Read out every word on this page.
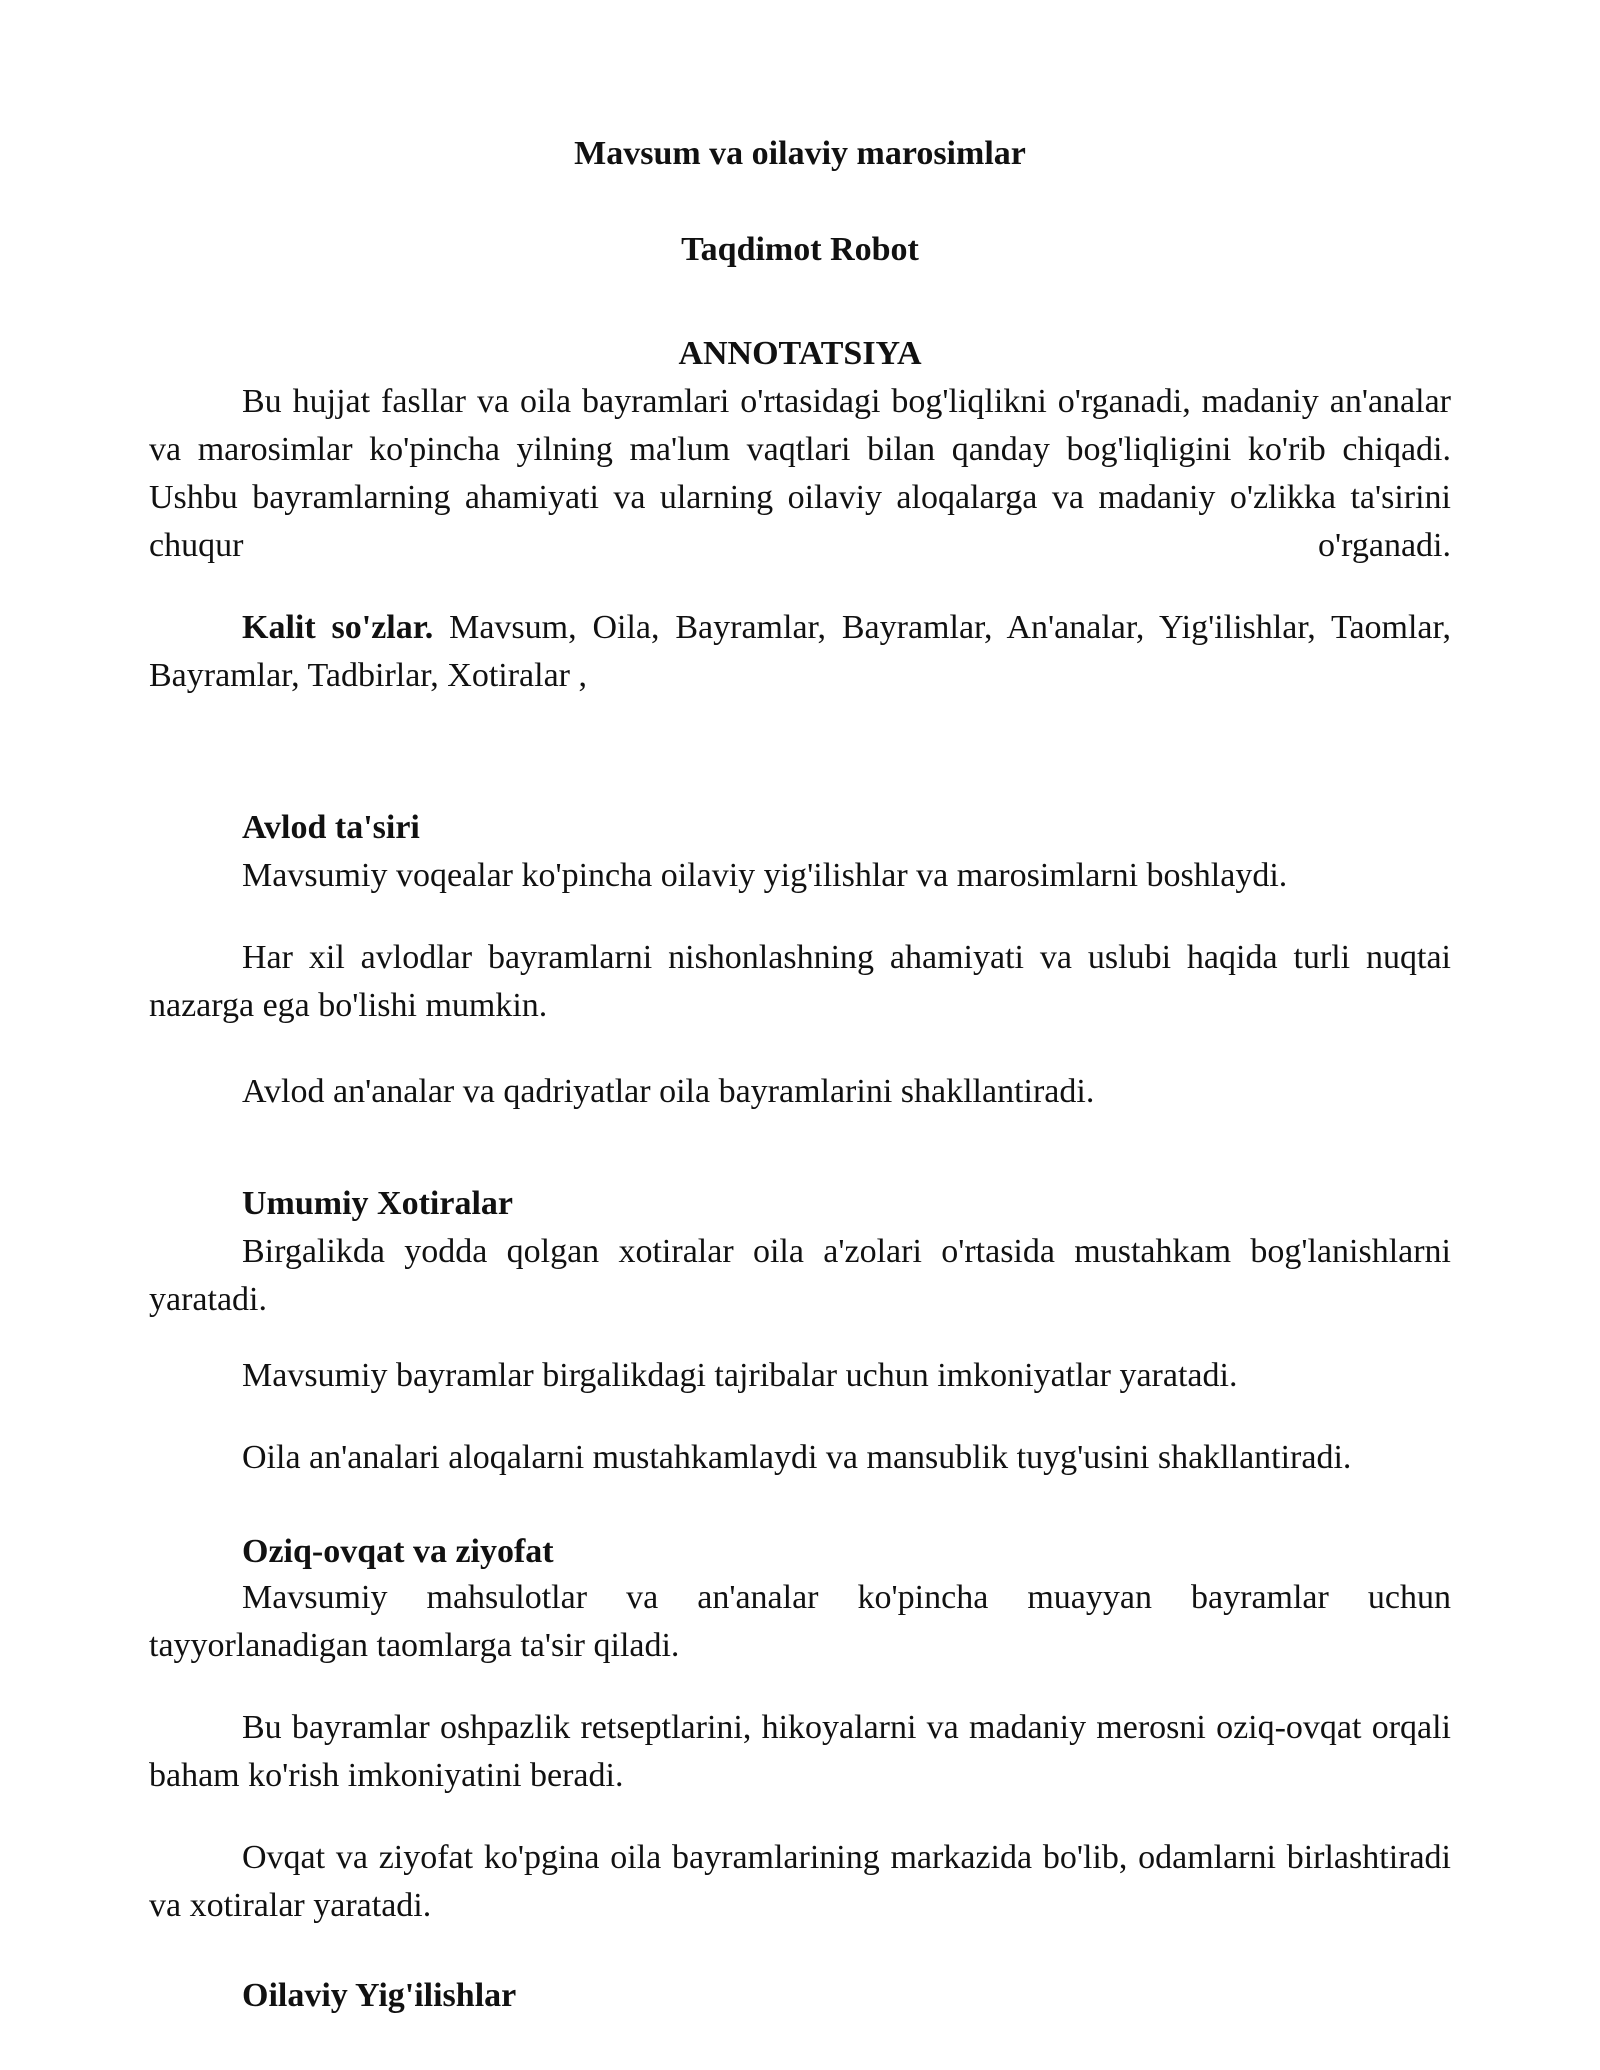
Mavsum va oilaviy marosimlar
Taqdimot Robot
ANNOTATSIYA

Bu hujjat fasllar va oila bayramlari o'rtasidagi bog'liqlikni o'rganadi, madaniy an'analar va marosimlar ko'pincha yilning ma'lum vaqtlari bilan qanday bog'liqligini ko'rib chiqadi. Ushbu bayramlarning ahamiyati va ularning oilaviy aloqalarga va madaniy o'zlikka ta'sirini chuqur o'rganadi.

Kalit so'zlar. Mavsum, Oila, Bayramlar, Bayramlar, An'analar, Yig'ilishlar, Taomlar, Bayramlar, Tadbirlar, Xotiralar ,

Avlod ta'siri

Mavsumiy voqealar ko'pincha oilaviy yig'ilishlar va marosimlarni boshlaydi.

Har xil avlodlar bayramlarni nishonlashning ahamiyati va uslubi haqida turli nuqtai nazarga ega bo'lishi mumkin.

Avlod an'analar va qadriyatlar oila bayramlarini shakllantiradi.

Umumiy Xotiralar

Birgalikda yodda qolgan xotiralar oila a'zolari o'rtasida mustahkam bog'lanishlarni yaratadi.

Mavsumiy bayramlar birgalikdagi tajribalar uchun imkoniyatlar yaratadi.

Oila an'analari aloqalarni mustahkamlaydi va mansublik tuyg'usini shakllantiradi.

Oziq-ovqat va ziyofat

Mavsumiy mahsulotlar va an'analar ko'pincha muayyan bayramlar uchun tayyorlanadigan taomlarga ta'sir qiladi.

Bu bayramlar oshpazlik retseptlarini, hikoyalarni va madaniy merosni oziq-ovqat orqali baham ko'rish imkoniyatini beradi.

Ovqat va ziyofat ko'pgina oila bayramlarining markazida bo'lib, odamlarni birlashtiradi va xotiralar yaratadi.

Oilaviy Yig'ilishlar
